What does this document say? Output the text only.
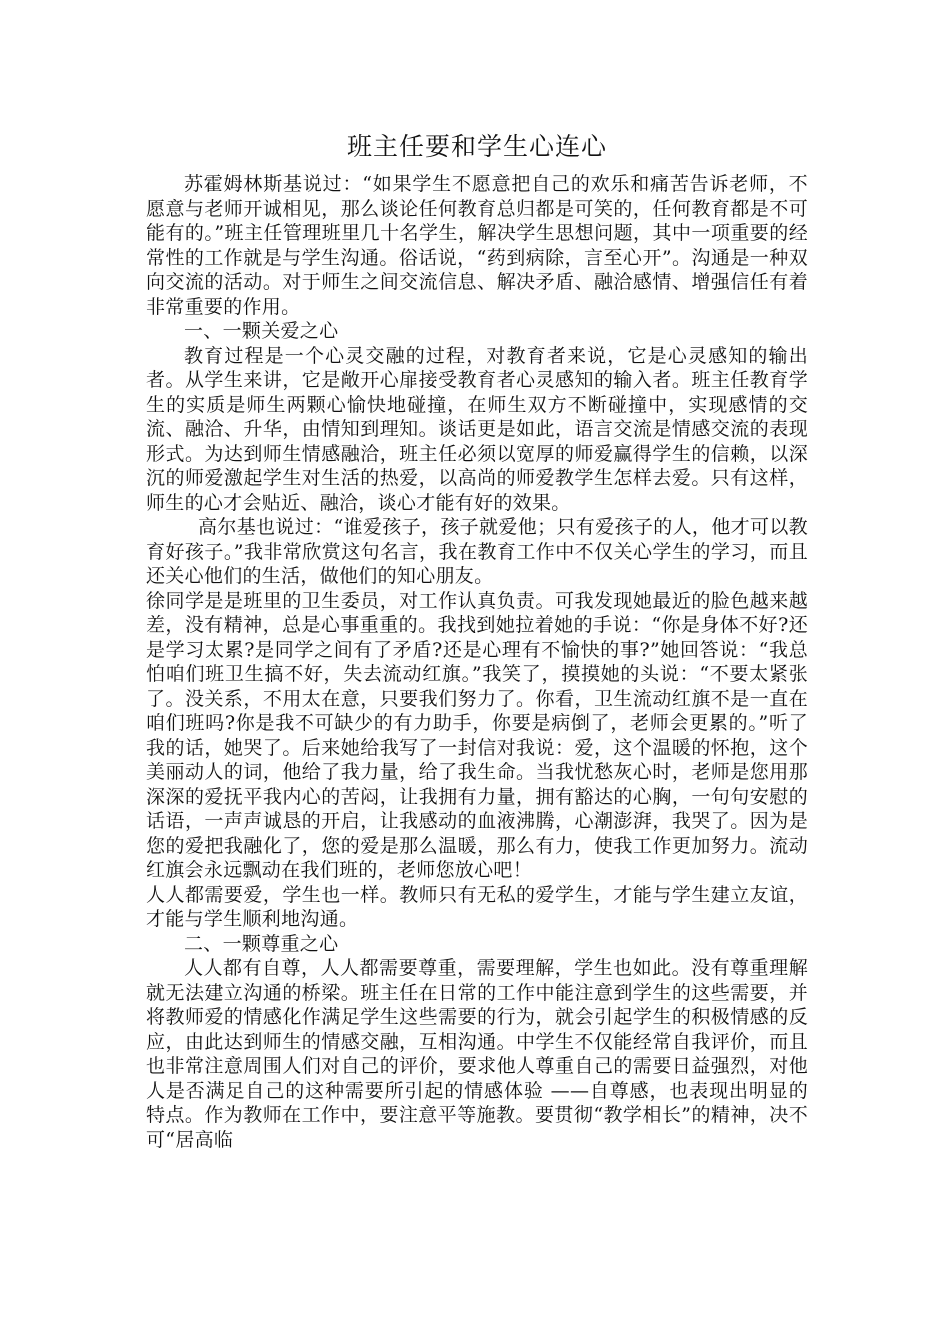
班主任要和学生心连心

苏霍姆林斯基说过：“如果学生不愿意把自己的欢乐和痛苦告诉老师，不愿意与老师开诚相见，那么谈论任何教育总归都是可笑的，任何教育都是不可能有的。”班主任管理班里几十名学生，解决学生思想问题，其中一项重要的经常性的工作就是与学生沟通。俗话说，“药到病除，言至心开”。沟通是一种双向交流的活动。对于师生之间交流信息、解决矛盾、融洽感情、增强信任有着非常重要的作用。

一、一颗关爱之心

教育过程是一个心灵交融的过程，对教育者来说，它是心灵感知的输出者。从学生来讲，它是敞开心扉接受教育者心灵感知的输入者。班主任教育学生的实质是师生两颗心愉快地碰撞，在师生双方不断碰撞中，实现感情的交流、融洽、升华，由情知到理知。谈话更是如此，语言交流是情感交流的表现形式。为达到师生情感融洽，班主任必须以宽厚的师爱赢得学生的信赖，以深沉的师爱激起学生对生活的热爱，以高尚的师爱教学生怎样去爱。只有这样，师生的心才会贴近、融洽，谈心才能有好的效果。

高尔基也说过：“谁爱孩子，孩子就爱他；只有爱孩子的人，他才可以教育好孩子。”我非常欣赏这句名言，我在教育工作中不仅关心学生的学习，而且还关心他们的生活，做他们的知心朋友。

徐同学是是班里的卫生委员，对工作认真负责。可我发现她最近的脸色越来越差，没有精神，总是心事重重的。我找到她拉着她的手说：“你是身体不好?还是学习太累?是同学之间有了矛盾?还是心理有不愉快的事?”她回答说：“我总怕咱们班卫生搞不好，失去流动红旗。”我笑了，摸摸她的头说：“不要太紧张了。没关系，不用太在意，只要我们努力了。你看，卫生流动红旗不是一直在咱们班吗?你是我不可缺少的有力助手，你要是病倒了，老师会更累的。”听了我的话，她哭了。后来她给我写了一封信对我说：爱，这个温暖的怀抱，这个美丽动人的词，他给了我力量，给了我生命。当我忧愁灰心时，老师是您用那深深的爱抚平我内心的苦闷，让我拥有力量，拥有豁达的心胸，一句句安慰的话语，一声声诚恳的开启，让我感动的血液沸腾，心潮澎湃，我哭了。因为是您的爱把我融化了，您的爱是那么温暖，那么有力，使我工作更加努力。流动红旗会永远飘动在我们班的，老师您放心吧！

人人都需要爱，学生也一样。教师只有无私的爱学生，才能与学生建立友谊，才能与学生顺利地沟通。

二、一颗尊重之心

人人都有自尊，人人都需要尊重，需要理解，学生也如此。没有尊重理解就无法建立沟通的桥梁。班主任在日常的工作中能注意到学生的这些需要，并将教师爱的情感化作满足学生这些需要的行为，就会引起学生的积极情感的反应，由此达到师生的情感交融，互相沟通。中学生不仅能经常自我评价，而且也非常注意周围人们对自己的评价，要求他人尊重自己的需要日益强烈，对他人是否满足自己的这种需要所引起的情感体验 ——自尊感，也表现出明显的特点。作为教师在工作中，要注意平等施教。要贯彻“教学相长”的精神，决不可“居高临
